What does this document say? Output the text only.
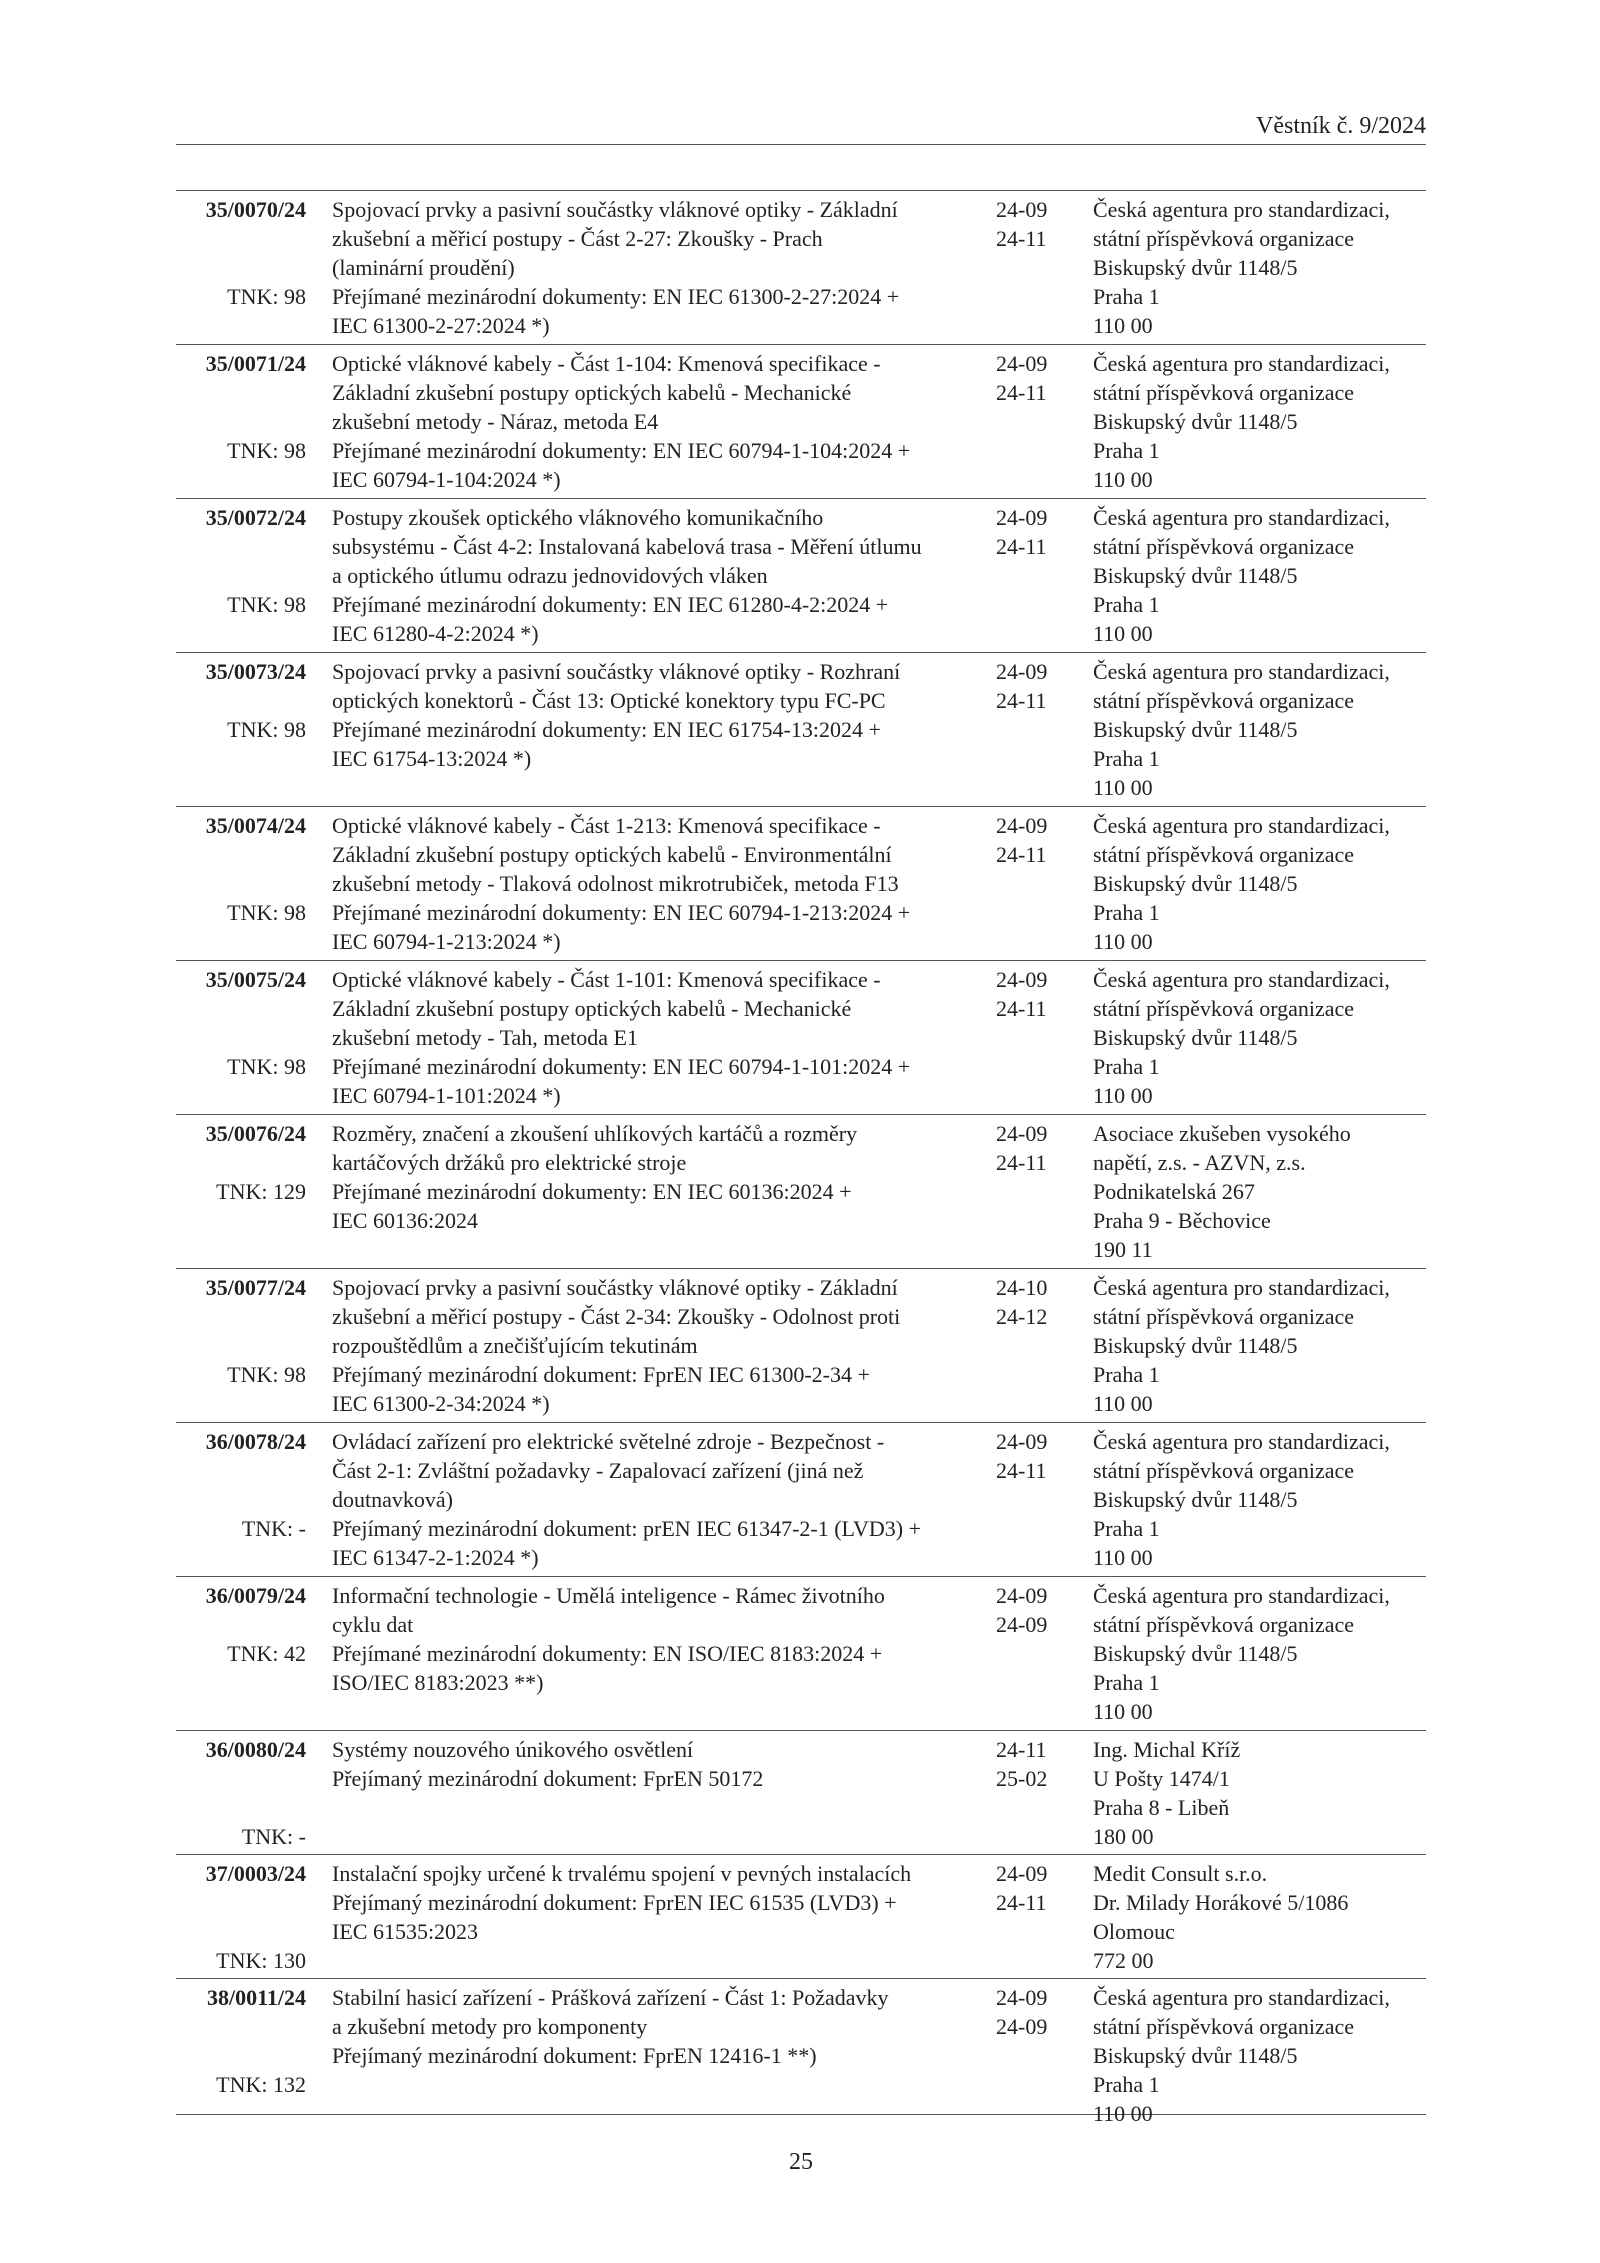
Věstník č. 9/2024
35/0070/24
TNK: 98
Spojovací prvky a pasivní součástky vláknové optiky - Základní
zkušební a měřicí postupy - Část 2-27: Zkoušky - Prach
(laminární proudění)
Přejímané mezinárodní dokumenty: EN IEC 61300-2-27:2024 +
IEC 61300-2-27:2024 *)
24-09
24-11
Česká agentura pro standardizaci,
státní příspěvková organizace
Biskupský dvůr 1148/5
Praha 1
110 00
35/0071/24
TNK: 98
Optické vláknové kabely - Část 1-104: Kmenová specifikace -
Základní zkušební postupy optických kabelů - Mechanické
zkušební metody - Náraz, metoda E4
Přejímané mezinárodní dokumenty: EN IEC 60794-1-104:2024 +
IEC 60794-1-104:2024 *)
24-09
24-11
Česká agentura pro standardizaci,
státní příspěvková organizace
Biskupský dvůr 1148/5
Praha 1
110 00
35/0072/24
TNK: 98
Postupy zkoušek optického vláknového komunikačního
subsystému - Část 4-2: Instalovaná kabelová trasa - Měření útlumu
a optického útlumu odrazu jednovidových vláken
Přejímané mezinárodní dokumenty: EN IEC 61280-4-2:2024 +
IEC 61280-4-2:2024 *)
24-09
24-11
Česká agentura pro standardizaci,
státní příspěvková organizace
Biskupský dvůr 1148/5
Praha 1
110 00
35/0073/24
TNK: 98
Spojovací prvky a pasivní součástky vláknové optiky - Rozhraní
optických konektorů - Část 13: Optické konektory typu FC-PC
Přejímané mezinárodní dokumenty: EN IEC 61754-13:2024 +
IEC 61754-13:2024 *)
24-09
24-11
Česká agentura pro standardizaci,
státní příspěvková organizace
Biskupský dvůr 1148/5
Praha 1
110 00
35/0074/24
TNK: 98
Optické vláknové kabely - Část 1-213: Kmenová specifikace -
Základní zkušební postupy optických kabelů - Environmentální
zkušební metody - Tlaková odolnost mikrotrubiček, metoda F13
Přejímané mezinárodní dokumenty: EN IEC 60794-1-213:2024 +
IEC 60794-1-213:2024 *)
24-09
24-11
Česká agentura pro standardizaci,
státní příspěvková organizace
Biskupský dvůr 1148/5
Praha 1
110 00
35/0075/24
TNK: 98
Optické vláknové kabely - Část 1-101: Kmenová specifikace -
Základní zkušební postupy optických kabelů - Mechanické
zkušební metody - Tah, metoda E1
Přejímané mezinárodní dokumenty: EN IEC 60794-1-101:2024 +
IEC 60794-1-101:2024 *)
24-09
24-11
Česká agentura pro standardizaci,
státní příspěvková organizace
Biskupský dvůr 1148/5
Praha 1
110 00
35/0076/24
TNK: 129
Rozměry, značení a zkoušení uhlíkových kartáčů a rozměry
kartáčových držáků pro elektrické stroje
Přejímané mezinárodní dokumenty: EN IEC 60136:2024 +
IEC 60136:2024
24-09
24-11
Asociace zkušeben vysokého
napětí, z.s. - AZVN, z.s.
Podnikatelská 267
Praha 9 - Běchovice
190 11
35/0077/24
TNK: 98
Spojovací prvky a pasivní součástky vláknové optiky - Základní
zkušební a měřicí postupy - Část 2-34: Zkoušky - Odolnost proti
rozpouštědlům a znečišťujícím tekutinám
Přejímaný mezinárodní dokument: FprEN IEC 61300-2-34 +
IEC 61300-2-34:2024 *)
24-10
24-12
Česká agentura pro standardizaci,
státní příspěvková organizace
Biskupský dvůr 1148/5
Praha 1
110 00
36/0078/24
TNK: -
Ovládací zařízení pro elektrické světelné zdroje - Bezpečnost -
Část 2-1: Zvláštní požadavky - Zapalovací zařízení (jiná než
doutnavková)
Přejímaný mezinárodní dokument: prEN IEC 61347-2-1 (LVD3) +
IEC 61347-2-1:2024 *)
24-09
24-11
Česká agentura pro standardizaci,
státní příspěvková organizace
Biskupský dvůr 1148/5
Praha 1
110 00
36/0079/24
TNK: 42
Informační technologie - Umělá inteligence - Rámec životního
cyklu dat
Přejímané mezinárodní dokumenty: EN ISO/IEC 8183:2024 +
ISO/IEC 8183:2023 **)
24-09
24-09
Česká agentura pro standardizaci,
státní příspěvková organizace
Biskupský dvůr 1148/5
Praha 1
110 00
36/0080/24
TNK: -
Systémy nouzového únikového osvětlení
Přejímaný mezinárodní dokument: FprEN 50172
24-11
25-02
Ing. Michal Kříž
U Pošty 1474/1
Praha 8 - Libeň
180 00
37/0003/24
TNK: 130
Instalační spojky určené k trvalému spojení v pevných instalacích
Přejímaný mezinárodní dokument: FprEN IEC 61535 (LVD3) +
IEC 61535:2023
24-09
24-11
Medit Consult s.r.o.
Dr. Milady Horákové 5/1086
Olomouc
772 00
38/0011/24
TNK: 132
Stabilní hasicí zařízení - Prášková zařízení - Část 1: Požadavky
a zkušební metody pro komponenty
Přejímaný mezinárodní dokument: FprEN 12416-1 **)
24-09
24-09
Česká agentura pro standardizaci,
státní příspěvková organizace
Biskupský dvůr 1148/5
Praha 1
110 00
25
